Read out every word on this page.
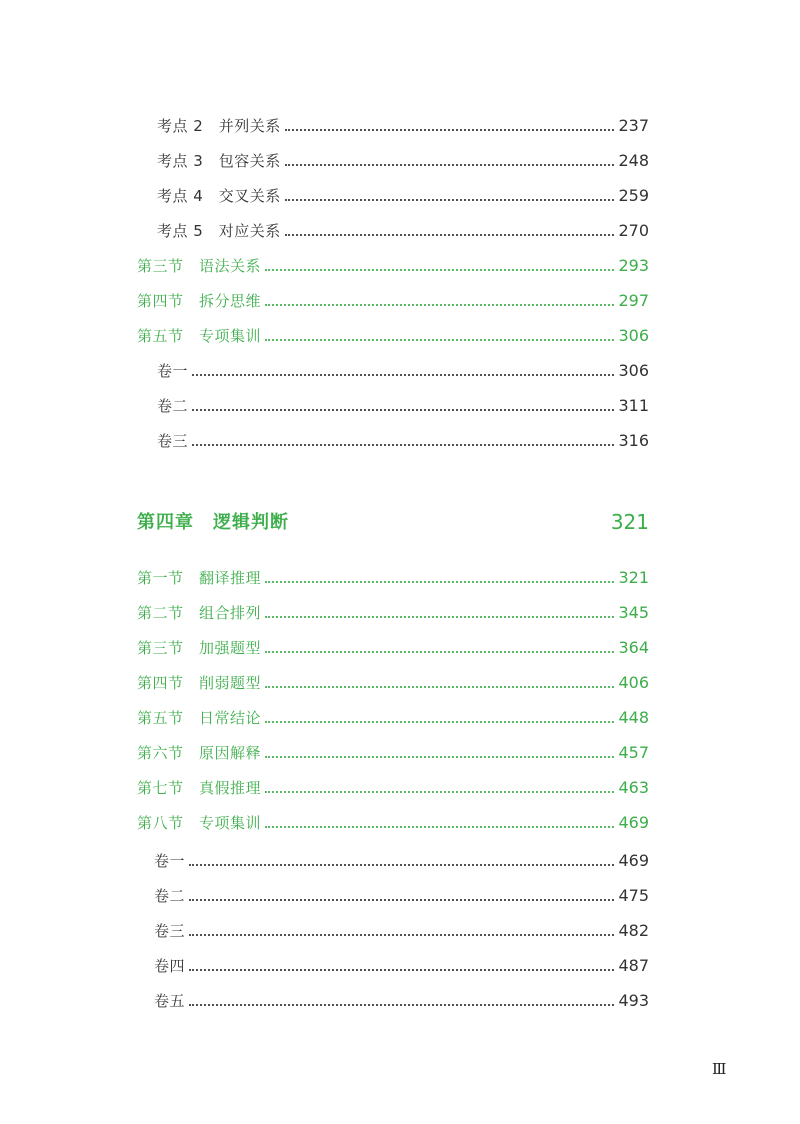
考点 2　并列关系	237
考点 3　包容关系	248
考点 4　交叉关系	259
考点 5　对应关系	270
第三节　语法关系	293
第四节　拆分思维	297
第五节　专项集训	306
卷一	306
卷二	311
卷三	316
第四章　逻辑判断	321
第一节　翻译推理	321
第二节　组合排列	345
第三节　加强题型	364
第四节　削弱题型	406
第五节　日常结论	448
第六节　原因解释	457
第七节　真假推理	463
第八节　专项集训	469
卷一	469
卷二	475
卷三	482
卷四	487
卷五	493
Ⅲ
